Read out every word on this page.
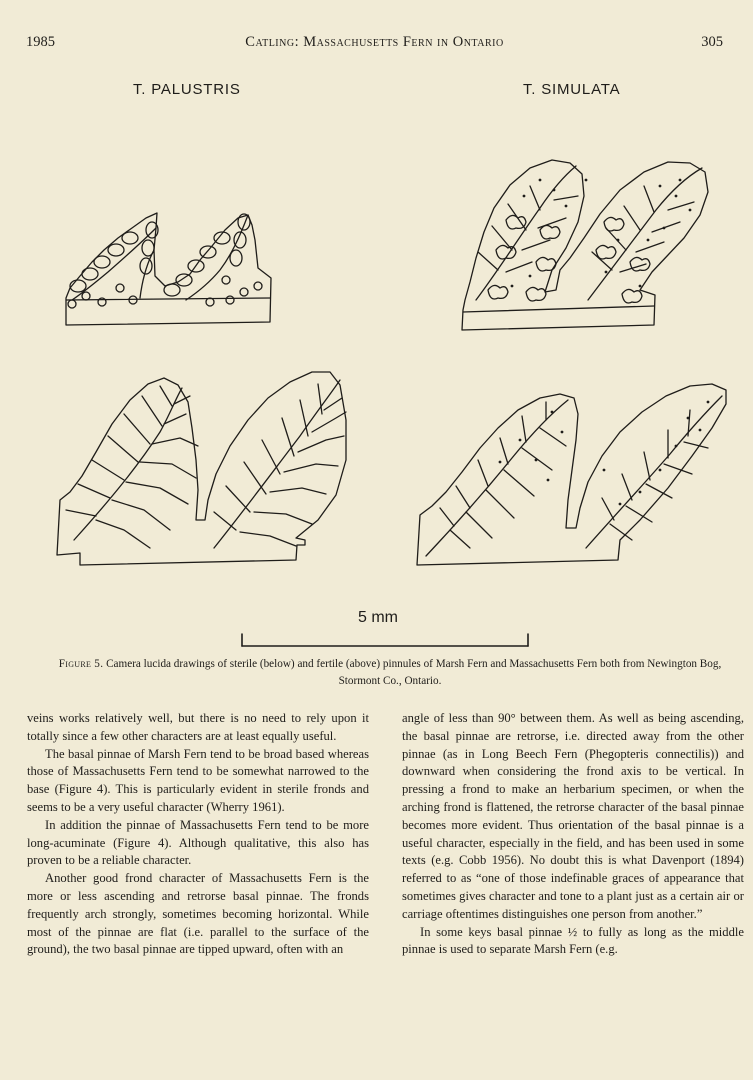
1985	Catling: Massachusetts Fern in Ontario	305
T. PALUSTRIS	T. SIMULATA
5 mm
Figure 5. Camera lucida drawings of sterile (below) and fertile (above) pinnules of Marsh Fern and Massachusetts Fern both from Newington Bog, Stormont Co., Ontario.

veins works relatively well, but there is no need to rely upon it totally since a few other characters are at least equally useful.

The basal pinnae of Marsh Fern tend to be broad based whereas those of Massachusetts Fern tend to be somewhat narrowed to the base (Figure 4). This is particularly evident in sterile fronds and seems to be a very useful character (Wherry 1961).

In addition the pinnae of Massachusetts Fern tend to be more long-acuminate (Figure 4). Although qualitative, this also has proven to be a reliable character.

Another good frond character of Massachusetts Fern is the more or less ascending and retrorse basal pinnae. The fronds frequently arch strongly, sometimes becoming horizontal. While most of the pinnae are flat (i.e. parallel to the surface of the ground), the two basal pinnae are tipped upward, often with an

angle of less than 90° between them. As well as being ascending, the basal pinnae are retrorse, i.e. directed away from the other pinnae (as in Long Beech Fern (Phegopteris connectilis)) and downward when considering the frond axis to be vertical. In pressing a frond to make an herbarium specimen, or when the arching frond is flattened, the retrorse character of the basal pinnae becomes more evident. Thus orientation of the basal pinnae is a useful character, especially in the field, and has been used in some texts (e.g. Cobb 1956). No doubt this is what Davenport (1894) referred to as “one of those indefinable graces of appearance that sometimes gives character and tone to a plant just as a certain air or carriage oftentimes distinguishes one person from another.”

In some keys basal pinnae ½ to fully as long as the middle pinnae is used to separate Marsh Fern (e.g.
